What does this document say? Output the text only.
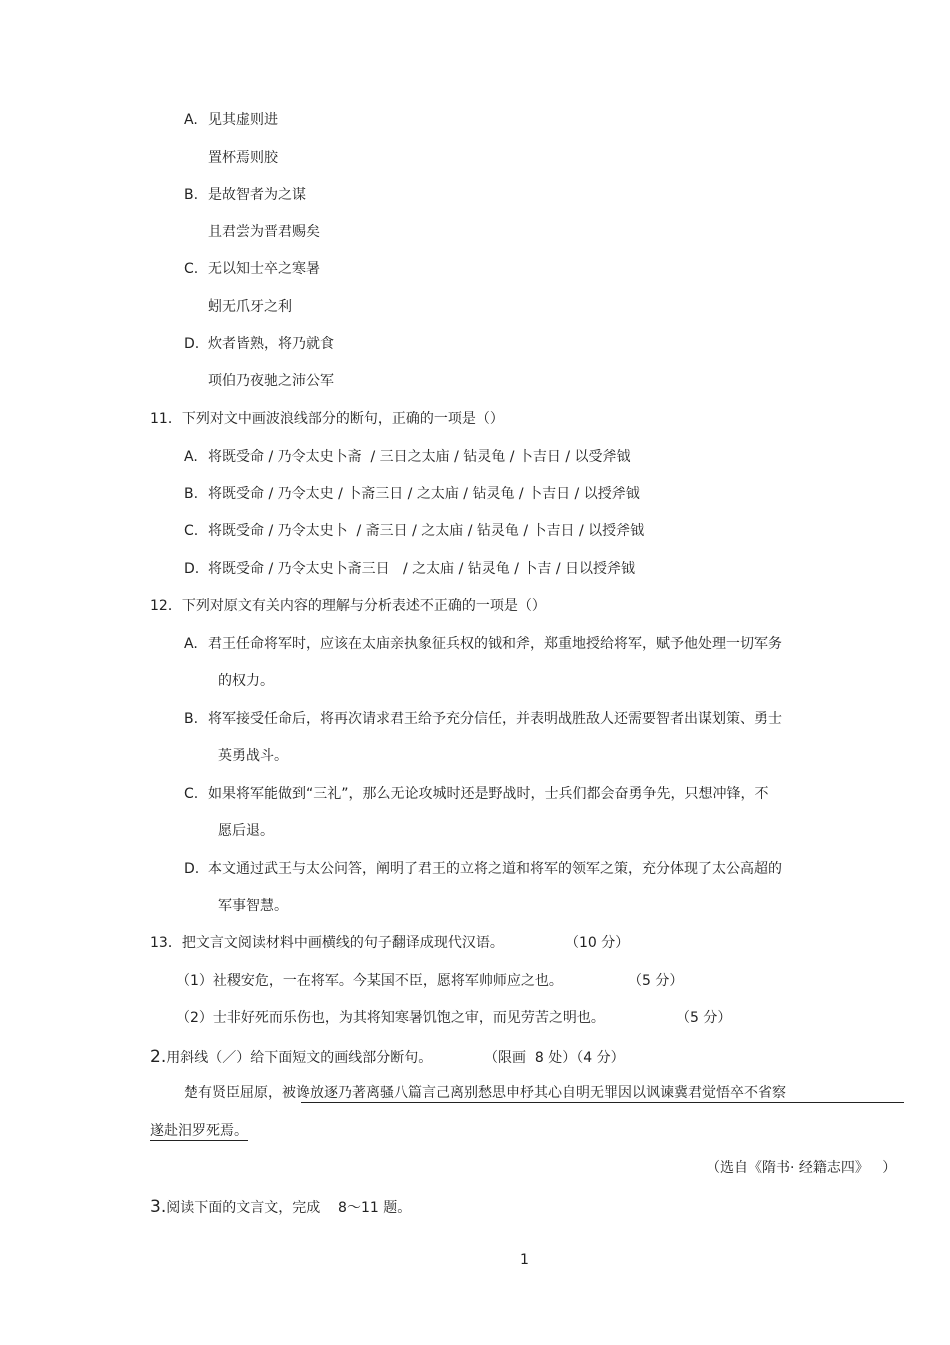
A. 见其虚则进
置杯焉则胶
B. 是故智者为之谋
且君尝为晋君赐矣
C. 无以知士卒之寒暑
蚓无爪牙之利
D. 炊者皆熟，将乃就食
项伯乃夜驰之沛公军
11．下列对文中画波浪线部分的断句，正确的一项是（）
A. 将既受命 / 乃令太史卜斋  / 三日之太庙 / 钻灵龟 / 卜吉日 / 以受斧钺
B. 将既受命 / 乃令太史 / 卜斋三日 / 之太庙 / 钻灵龟 / 卜吉日 / 以授斧钺
C. 将既受命 / 乃令太史卜  / 斋三日 / 之太庙 / 钻灵龟 / 卜吉日 / 以授斧钺
D. 将既受命 / 乃令太史卜斋三日   / 之太庙 / 钻灵龟 / 卜吉 / 日以授斧钺
12．下列对原文有关内容的理解与分析表述不正确的一项是（）
A. 君王任命将军时，应该在太庙亲执象征兵权的钺和斧，郑重地授给将军，赋予他处理一切军务
的权力。
B. 将军接受任命后，将再次请求君王给予充分信任，并表明战胜敌人还需要智者出谋划策、勇士
英勇战斗。
C. 如果将军能做到“三礼”，那么无论攻城时还是野战时，士兵们都会奋勇争先，只想冲锋，不
愿后退。
D. 本文通过武王与太公问答，阐明了君王的立将之道和将军的领军之策，充分体现了太公高超的
军事智慧。
13．把文言文阅读材料中画横线的句子翻译成现代汉语。	（10 分）
（1）社稷安危，一在将军。今某国不臣，愿将军帅师应之也。	（5 分）
（2）士非好死而乐伤也，为其将知寒暑饥饱之审，而见劳苦之明也。	（5 分）
2.用斜线（／）给下面短文的画线部分断句。	（限画  8 处）（4 分）
楚有贤臣屈原，被谗放逐乃著离骚八篇言己离别愁思申杼其心自明无罪因以讽谏冀君觉悟卒不省察
遂赴汨罗死焉。
（选自《隋书· 经籍志四》   ）
3.阅读下面的文言文，完成    8～11 题。
1
